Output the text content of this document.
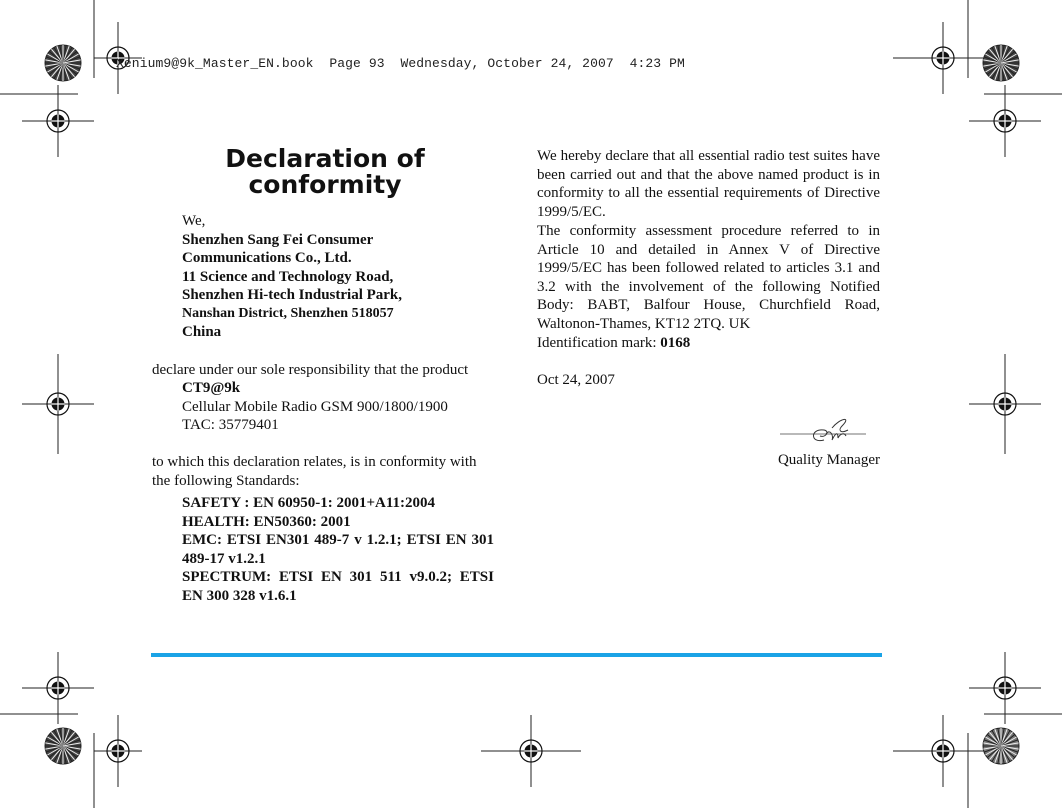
Xenium9@9k_Master_EN.book  Page 93  Wednesday, October 24, 2007  4:23 PM
Declaration of conformity
We,
Shenzhen Sang Fei Consumer
Communications Co., Ltd.
11 Science and Technology Road,
Shenzhen Hi-tech Industrial Park,
Nanshan District, Shenzhen 518057
China
declare under our sole responsibility that the product
CT9@9k
Cellular Mobile Radio GSM 900/1800/1900
TAC: 35779401
to which this declaration relates, is in conformity with the following Standards:
SAFETY : EN 60950-1: 2001+A11:2004
HEALTH: EN50360: 2001
EMC: ETSI EN301 489-7 v 1.2.1; ETSI EN 301 489-17 v1.2.1
SPECTRUM: ETSI EN 301 511 v9.0.2; ETSI EN 300 328 v1.6.1
We hereby declare that all essential radio test suites have been carried out and that the above named product is in conformity to all the essential requirements of Directive 1999/5/EC.
The conformity assessment procedure referred to in Article 10 and detailed in Annex V of Directive 1999/5/EC has been followed related to articles 3.1 and 3.2 with the involvement of the following Notified Body: BABT, Balfour House, Churchfield Road, Waltonon-Thames, KT12 2TQ. UK
Identification mark: 0168
Oct 24, 2007
Quality Manager
